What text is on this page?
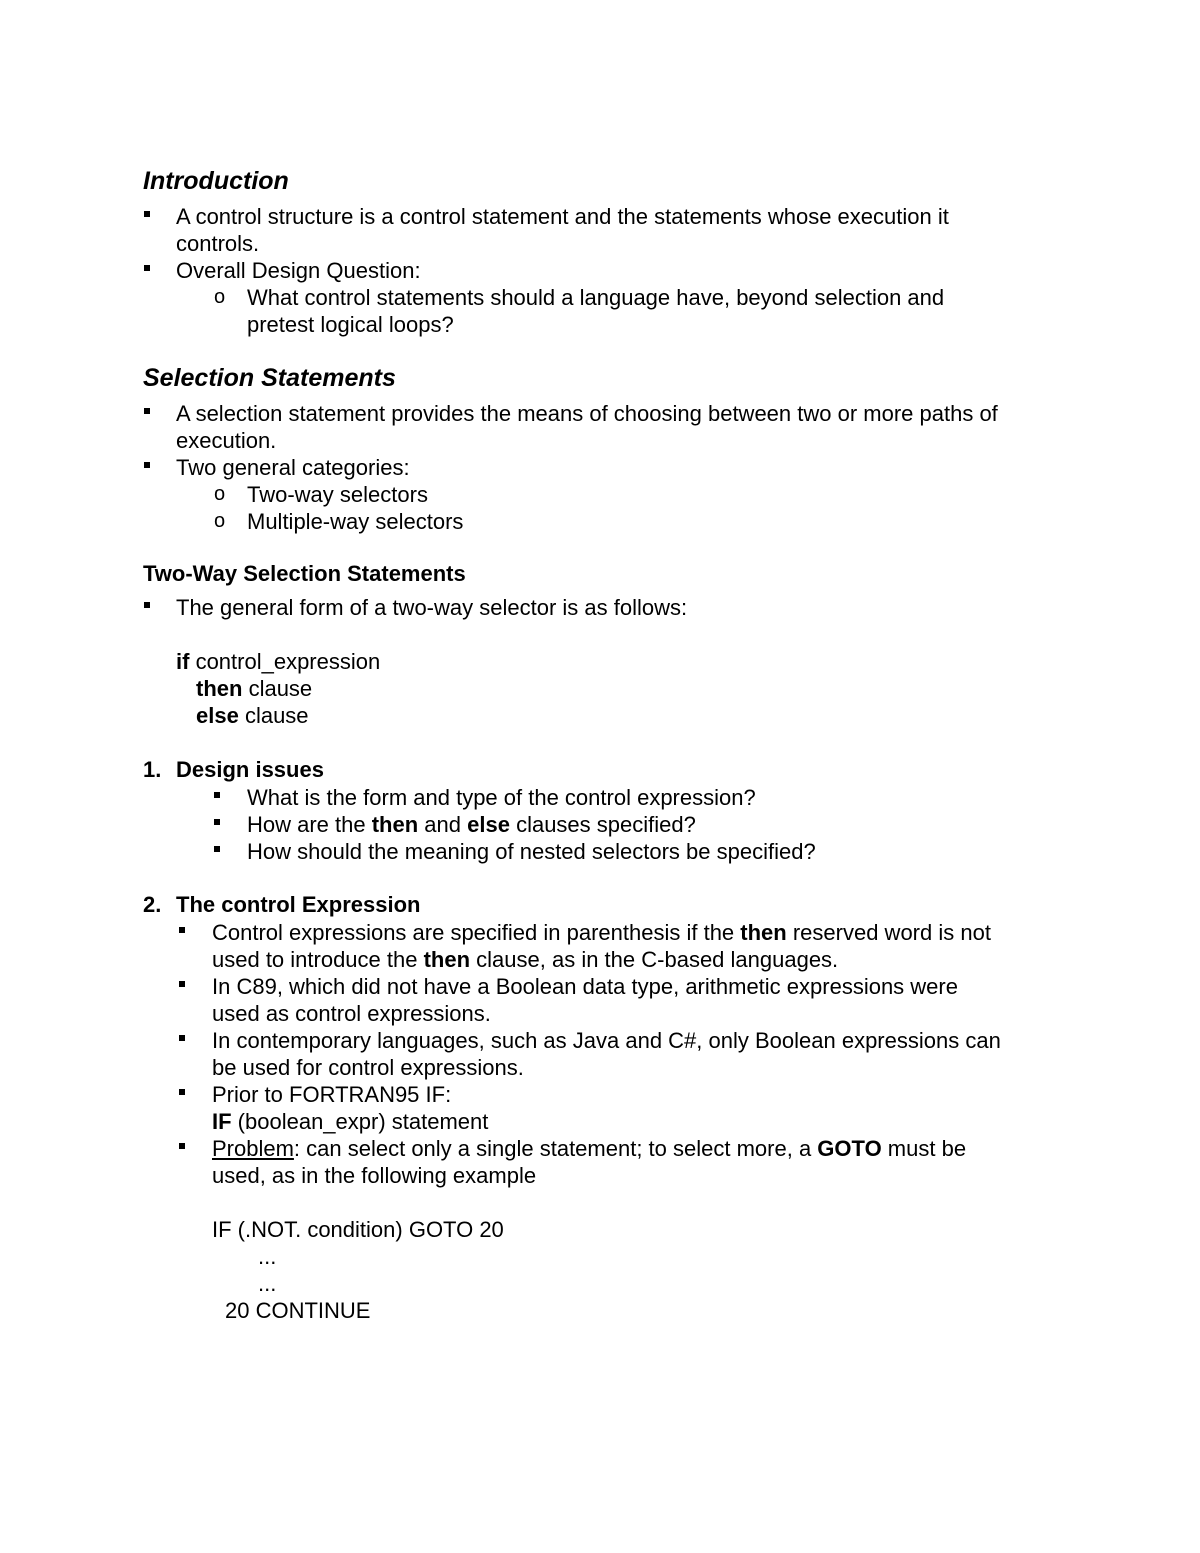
Introduction
A control structure is a control statement and the statements whose execution it
controls.
Overall Design Question:
o What control statements should a language have, beyond selection and
pretest logical loops?
Selection Statements
A selection statement provides the means of choosing between two or more paths of
execution.
Two general categories:
o Two-way selectors
o Multiple-way selectors
Two-Way Selection Statements
The general form of a two-way selector is as follows:
if control_expression
then clause
else clause
1. Design issues
What is the form and type of the control expression?
How are the then and else clauses specified?
How should the meaning of nested selectors be specified?
2. The control Expression
Control expressions are specified in parenthesis if the then reserved word is not
used to introduce the then clause, as in the C-based languages.
In C89, which did not have a Boolean data type, arithmetic expressions were
used as control expressions.
In contemporary languages, such as Java and C#, only Boolean expressions can
be used for control expressions.
Prior to FORTRAN95 IF:
IF (boolean_expr) statement
Problem: can select only a single statement; to select more, a GOTO must be
used, as in the following example
IF (.NOT. condition) GOTO 20
...
...
20 CONTINUE
